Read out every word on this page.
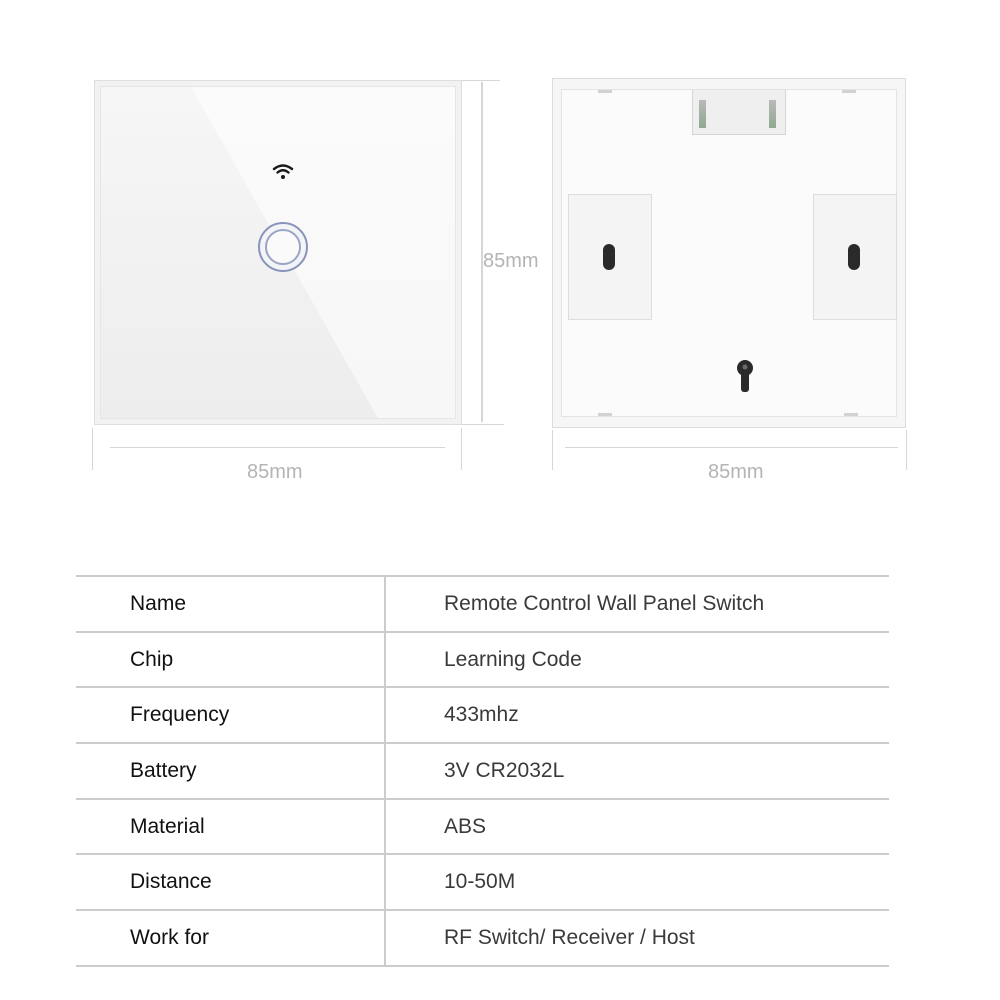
85mm
85mm	85mm
Name	Remote Control Wall Panel Switch
Chip	Learning Code
Frequency	433mhz
Battery	3V CR2032L
Material	ABS
Distance	10-50M
Work for	RF Switch/ Receiver / Host
